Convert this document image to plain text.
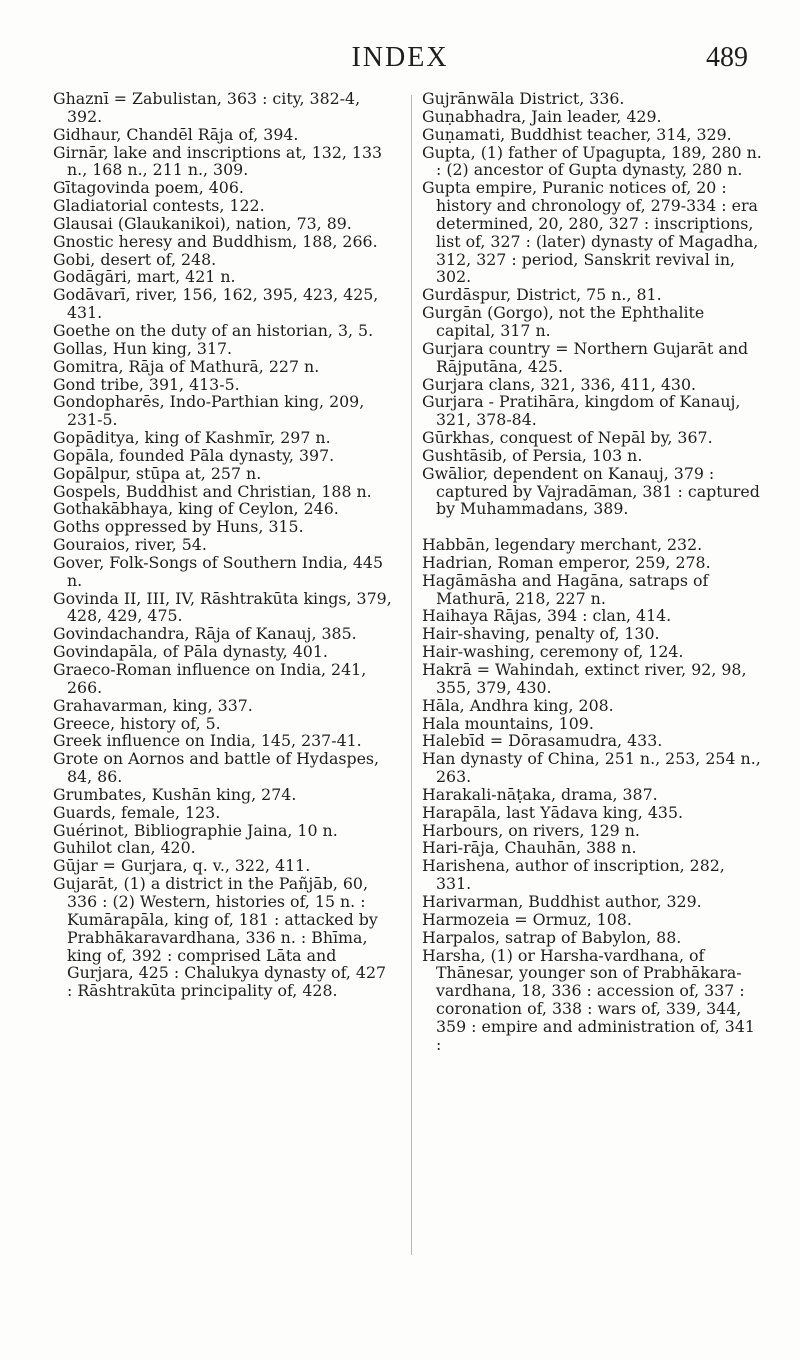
INDEX	489
Ghaznī = Zabulistan, 363 : city, 382-4, 392.
Gidhaur, Chandēl Rāja of, 394.
Girnār, lake and inscriptions at, 132, 133 n., 168 n., 211 n., 309.
Gītagovinda poem, 406.
Gladiatorial contests, 122.
Glausai (Glaukanikoi), nation, 73, 89.
Gnostic heresy and Buddhism, 188, 266.
Gobi, desert of, 248.
Godāgāri, mart, 421 n.
Godāvarī, river, 156, 162, 395, 423, 425, 431.
Goethe on the duty of an historian, 3, 5.
Gollas, Hun king, 317.
Gomitra, Rāja of Mathurā, 227 n.
Gond tribe, 391, 413-5.
Gondopharēs, Indo-Parthian king, 209, 231-5.
Gopāditya, king of Kashmīr, 297 n.
Gopāla, founded Pāla dynasty, 397.
Gopālpur, stūpa at, 257 n.
Gospels, Buddhist and Christian, 188 n.
Gothakābhaya, king of Ceylon, 246.
Goths oppressed by Huns, 315.
Gouraios, river, 54.
Gover, Folk-Songs of Southern India, 445 n.
Govinda II, III, IV, Rāshtrakūta kings, 379, 428, 429, 475.
Govindachandra, Rāja of Kanauj, 385.
Govindapāla, of Pāla dynasty, 401.
Graeco-Roman influence on India, 241, 266.
Grahavarman, king, 337.
Greece, history of, 5.
Greek influence on India, 145, 237-41.
Grote on Aornos and battle of Hydaspes, 84, 86.
Grumbates, Kushān king, 274.
Guards, female, 123.
Guérinot, Bibliographie Jaina, 10 n.
Guhilot clan, 420.
Gūjar = Gurjara, q. v., 322, 411.
Gujarāt, (1) a district in the Pañjāb, 60, 336 : (2) Western, histories of, 15 n. : Kumārapāla, king of, 181 : attacked by Prabhākaravardhana, 336 n. : Bhīma, king of, 392 : comprised Lāta and Gurjara, 425 : Chalukya dynasty of, 427 : Rāshtrakūta principality of, 428.
Gujrānwāla District, 336.
Guṇabhadra, Jain leader, 429.
Guṇamati, Buddhist teacher, 314, 329.
Gupta, (1) father of Upagupta, 189, 280 n. : (2) ancestor of Gupta dynasty, 280 n.
Gupta empire, Puranic notices of, 20 : history and chronology of, 279-334 : era determined, 20, 280, 327 : inscriptions, list of, 327 : (later) dynasty of Magadha, 312, 327 : period, Sanskrit revival in, 302.
Gurdāspur, District, 75 n., 81.
Gurgān (Gorgo), not the Ephthalite capital, 317 n.
Gurjara country = Northern Gujarāt and Rājputāna, 425.
Gurjara clans, 321, 336, 411, 430.
Gurjara - Pratihāra, kingdom of Kanauj, 321, 378-84.
Gūrkhas, conquest of Nepāl by, 367.
Gushtāsib, of Persia, 103 n.
Gwālior, dependent on Kanauj, 379 : captured by Vajradāman, 381 : captured by Muhammadans, 389.
Habbān, legendary merchant, 232.
Hadrian, Roman emperor, 259, 278.
Hagāmāsha and Hagāna, satraps of Mathurā, 218, 227 n.
Haihaya Rājas, 394 : clan, 414.
Hair-shaving, penalty of, 130.
Hair-washing, ceremony of, 124.
Hakrā = Wahindah, extinct river, 92, 98, 355, 379, 430.
Hāla, Andhra king, 208.
Hala mountains, 109.
Halebīd = Dōrasamudra, 433.
Han dynasty of China, 251 n., 253, 254 n., 263.
Harakali-nāṭaka, drama, 387.
Harapāla, last Yādava king, 435.
Harbours, on rivers, 129 n.
Hari-rāja, Chauhān, 388 n.
Harishena, author of inscription, 282, 331.
Harivarman, Buddhist author, 329.
Harmozeia = Ormuz, 108.
Harpalos, satrap of Babylon, 88.
Harsha, (1) or Harsha-vardhana, of Thānesar, younger son of Prabhākara-vardhana, 18, 336 : accession of, 337 : coronation of, 338 : wars of, 339, 344, 359 : empire and administration of, 341 :
